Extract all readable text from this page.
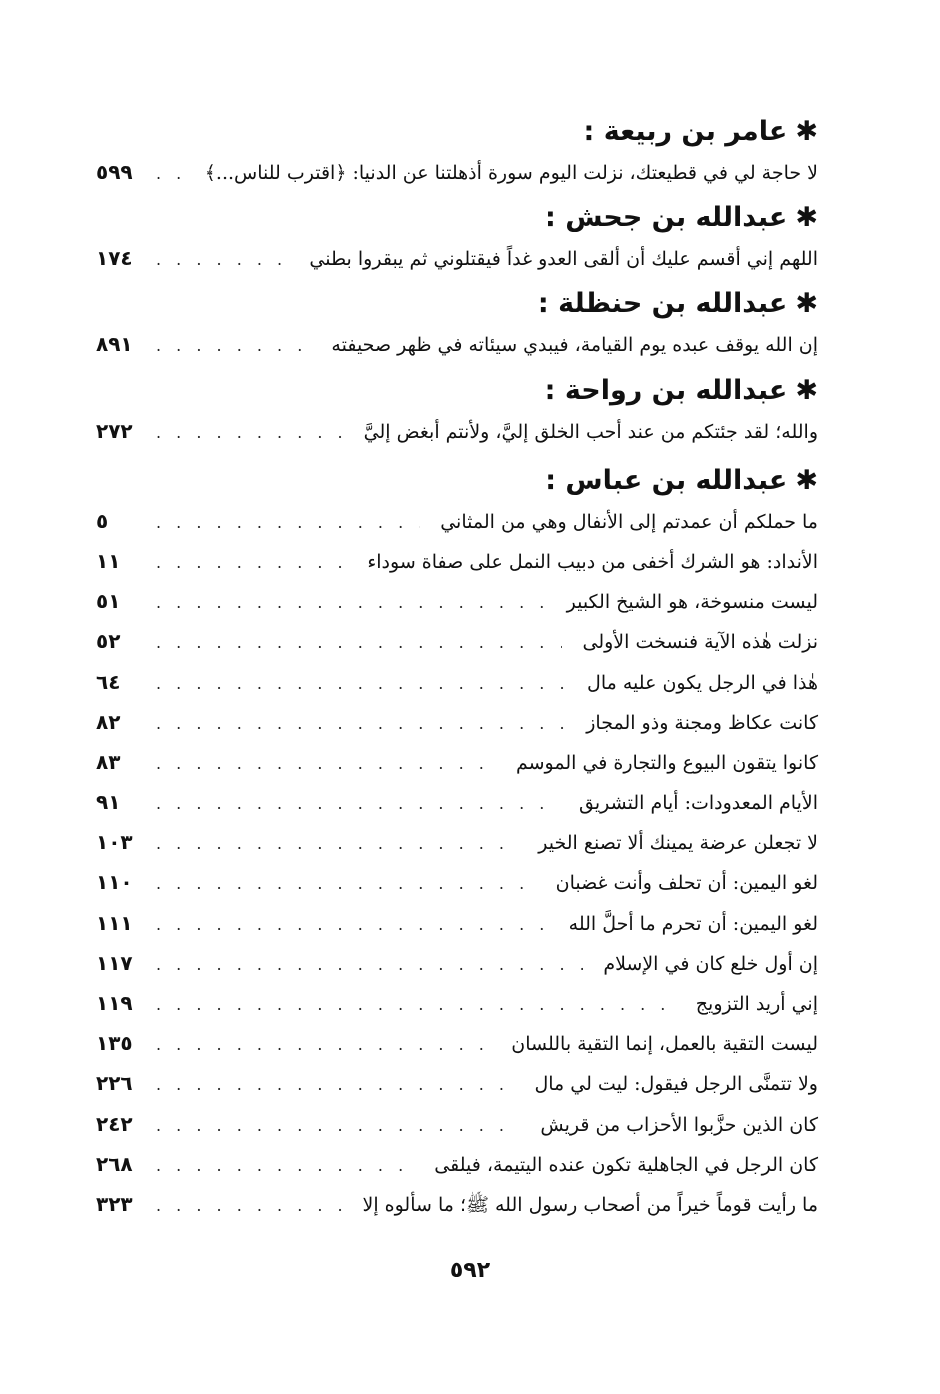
✱عامر بن ربيعة :
لا حاجة لي في قطيعتك، نزلت اليوم سورة أذهلتنا عن الدنيا: ﴿اقترب للناس...﴾
. . .
٥٩٩
✱عبدالله بن جحش :
اللهم إني أقسم عليك أن ألقى العدو غداً فيقتلوني ثم يبقروا بطني
. . .
١٧٤
✱عبدالله بن حنظلة :
إن الله يوقف عبده يوم القيامة، فيبدي سيئاته في ظهر صحيفته
. . .
٨٩١
✱عبدالله بن رواحة :
والله؛ لقد جئتكم من عند أحب الخلق إليَّ، ولأنتم أبغض إليَّ
. . .
٢٧٢
✱عبدالله بن عباس :
ما حملكم أن عمدتم إلى الأنفال وهي من المثاني
. . .
٥
الأنداد: هو الشرك أخفى من دبيب النمل على صفاة سوداء
. . .
١١
ليست منسوخة، هو الشيخ الكبير
. . .
٥١
نزلت هٰذه الآية فنسخت الأولى
. . .
٥٢
هٰذا في الرجل يكون عليه مال
. . .
٦٤
كانت عكاظ ومجنة وذو المجاز
. . .
٨٢
كانوا يتقون البيوع والتجارة في الموسم
. . .
٨٣
الأيام المعدودات: أيام التشريق
. . .
٩١
لا تجعلن عرضة يمينك ألا تصنع الخير
. . .
١٠٣
لغو اليمين: أن تحلف وأنت غضبان
. . .
١١٠
لغو اليمين: أن تحرم ما أحلَّ الله
. . .
١١١
إن أول خلع كان في الإسلام
. . .
١١٧
إني أريد التزويج
. . .
١١٩
ليست التقية بالعمل، إنما التقية باللسان
. . .
١٣٥
ولا تتمنَّى الرجل فيقول: ليت لي مال
. . .
٢٢٦
كان الذين حزَّبوا الأحزاب من قريش
. . .
٢٤٢
كان الرجل في الجاهلية تكون عنده اليتيمة، فيلقى
. . .
٢٦٨
ما رأيت قوماً خيراً من أصحاب رسول الله ﷺ؛ ما سألوه إلا
. . .
٣٢٣
٥٩٢
